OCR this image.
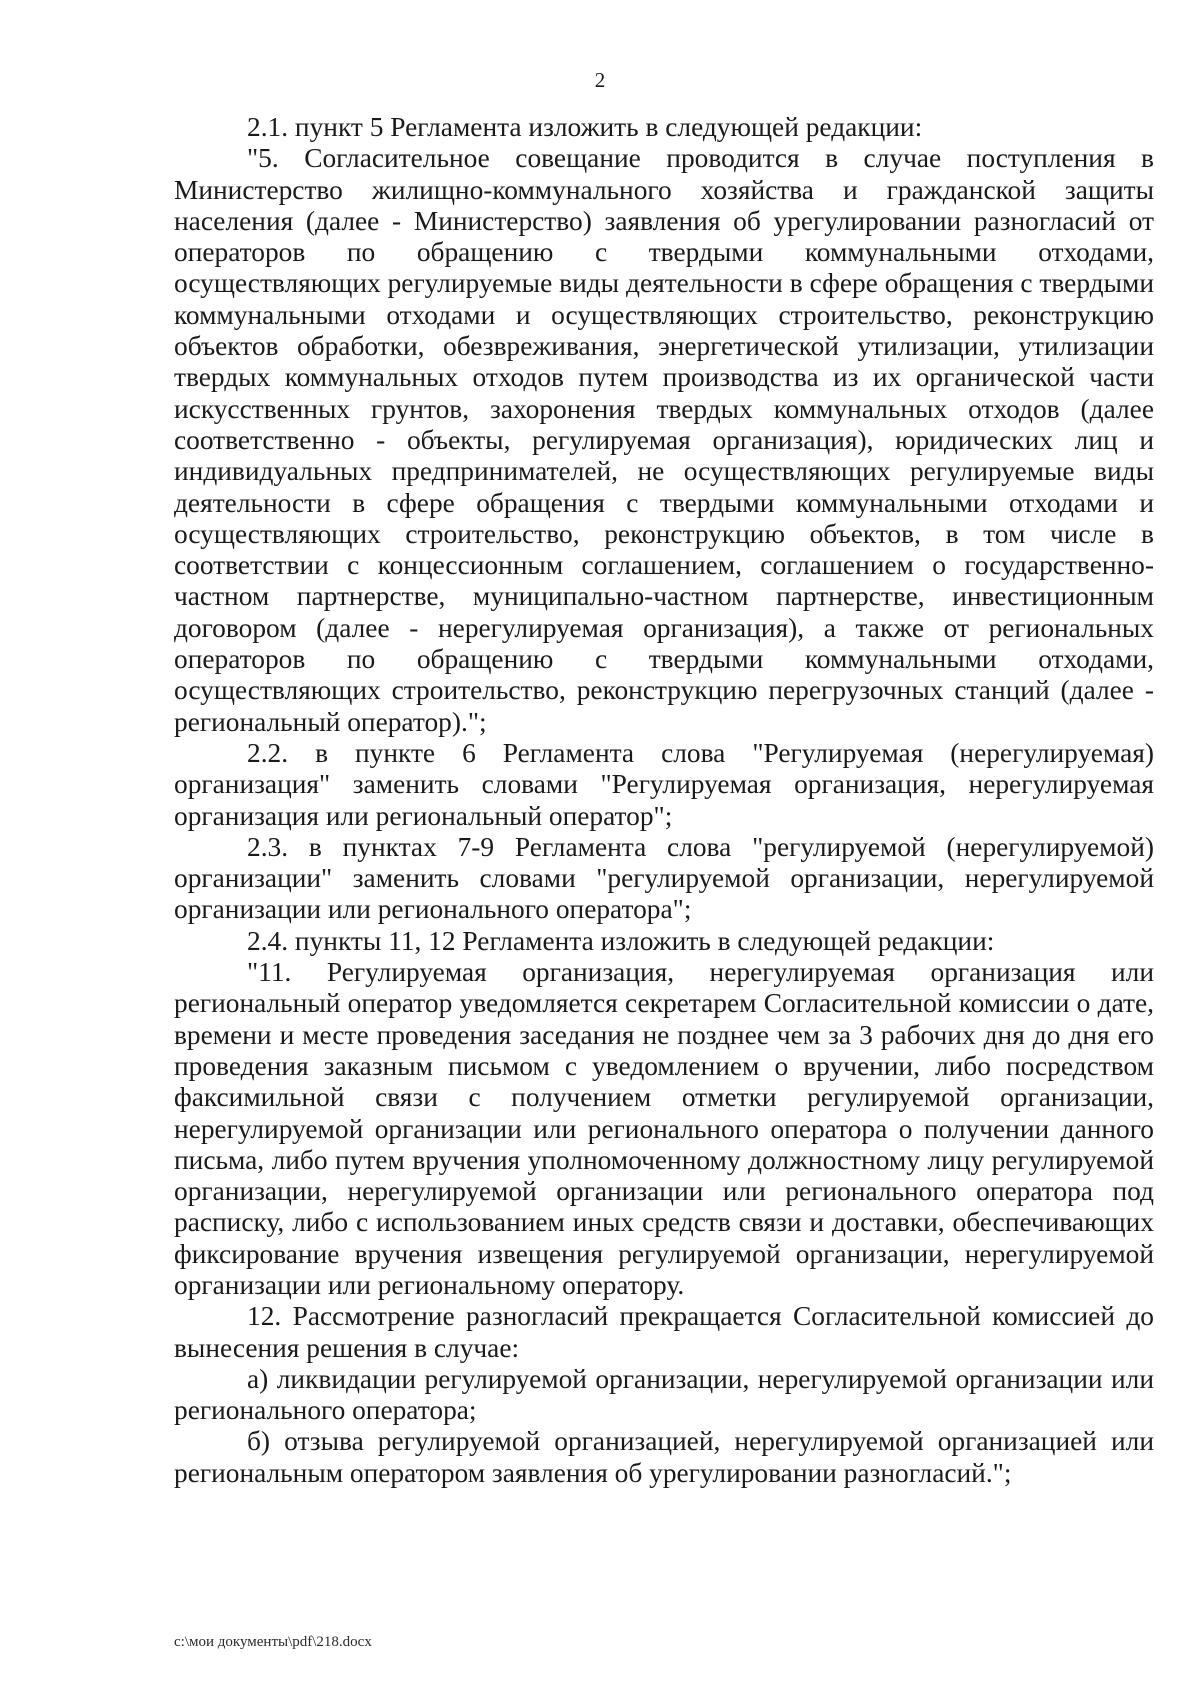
2

2.1. пункт 5 Регламента изложить в следующей редакции:

"5. Согласительное совещание проводится в случае поступления в Министерство жилищно-коммунального хозяйства и гражданской защиты населения (далее - Министерство) заявления об урегулировании разногласий от операторов по обращению с твердыми коммунальными отходами, осуществляющих регулируемые виды деятельности в сфере обращения с твердыми коммунальными отходами и осуществляющих строительство, реконструкцию объектов обработки, обезвреживания, энергетической утилизации, утилизации твердых коммунальных отходов путем производства из их органической части искусственных грунтов, захоронения твердых коммунальных отходов (далее соответственно - объекты, регулируемая организация), юридических лиц и индивидуальных предпринимателей, не осуществляющих регулируемые виды деятельности в сфере обращения с твердыми коммунальными отходами и осуществляющих строительство, реконструкцию объектов, в том числе в соответствии с концессионным соглашением, соглашением о государственно-частном партнерстве, муниципально-частном партнерстве, инвестиционным договором (далее - нерегулируемая организация), а также от региональных операторов по обращению с твердыми коммунальными отходами, осуществляющих строительство, реконструкцию перегрузочных станций (далее - региональный оператор).";

2.2. в пункте 6 Регламента слова "Регулируемая (нерегулируемая) организация" заменить словами "Регулируемая организация, нерегулируемая организация или региональный оператор";

2.3. в пунктах 7-9 Регламента слова "регулируемой (нерегулируемой) организации" заменить словами "регулируемой организации, нерегулируемой организации или регионального оператора";

2.4. пункты 11, 12 Регламента изложить в следующей редакции:

"11. Регулируемая организация, нерегулируемая организация или региональный оператор уведомляется секретарем Согласительной комиссии о дате, времени и месте проведения заседания не позднее чем за 3 рабочих дня до дня его проведения заказным письмом с уведомлением о вручении, либо посредством факсимильной связи с получением отметки регулируемой организации, нерегулируемой организации или регионального оператора о получении данного письма, либо путем вручения уполномоченному должностному лицу регулируемой организации, нерегулируемой организации или регионального оператора под расписку, либо с использованием иных средств связи и доставки, обеспечивающих фиксирование вручения извещения регулируемой организации, нерегулируемой организации или региональному оператору.

12. Рассмотрение разногласий прекращается Согласительной комиссией до вынесения решения в случае:

а) ликвидации регулируемой организации, нерегулируемой организации или регионального оператора;

б) отзыва регулируемой организацией, нерегулируемой организацией или региональным оператором заявления об урегулировании разногласий.";

c:\мои документы\pdf\218.docx
